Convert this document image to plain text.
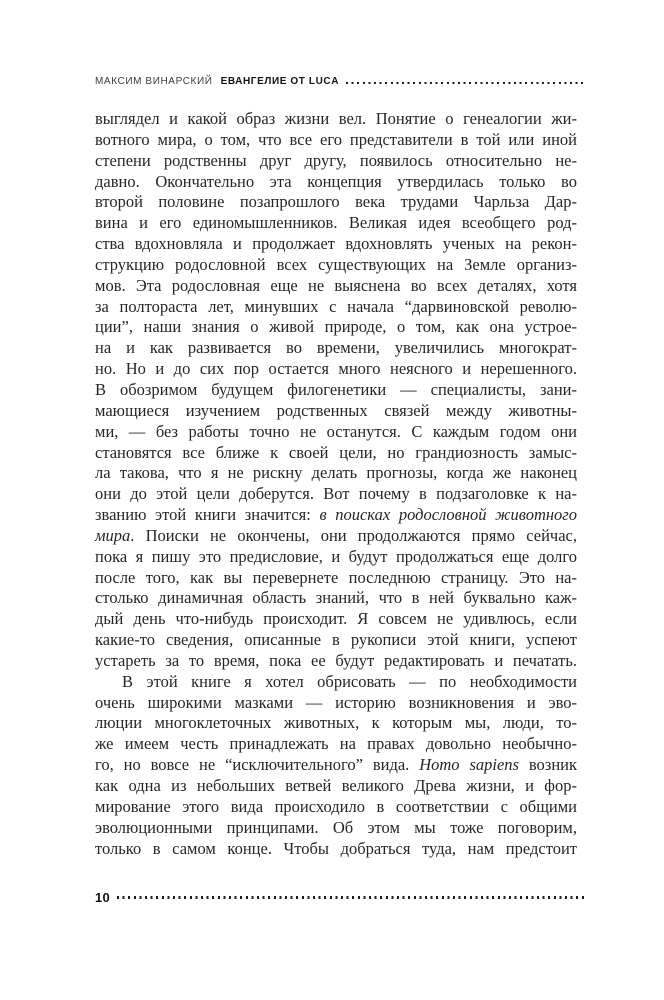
МАКСИМ ВИНАРСКИЙ ЕВАНГЕЛИЕ ОТ LUCA
выглядел и какой образ жизни вел. Понятие о генеалогии жи-
вотного мира, о том, что все его представители в той или иной
степени родственны друг другу, появилось относительно не-
давно. Окончательно эта концепция утвердилась только во
второй половине позапрошлого века трудами Чарльза Дар-
вина и его единомышленников. Великая идея всеобщего род-
ства вдохновляла и продолжает вдохновлять ученых на рекон-
струкцию родословной всех существующих на Земле организ-
мов. Эта родословная еще не выяснена во всех деталях, хотя
за полтораста лет, минувших с начала “дарвиновской револю-
ции”, наши знания о живой природе, о том, как она устрое-
на и как развивается во времени, увеличились многократ-
но. Но и до сих пор остается много неясного и нерешенного.
В обозримом будущем филогенетики — специалисты, зани-
мающиеся изучением родственных связей между животны-
ми, — без работы точно не останутся. С каждым годом они
становятся все ближе к своей цели, но грандиозность замыс-
ла такова, что я не рискну делать прогнозы, когда же наконец
они до этой цели доберутся. Вот почему в подзаголовке к на-
званию этой книги значится: в поисках родословной животного
мира. Поиски не окончены, они продолжаются прямо сейчас,
пока я пишу это предисловие, и будут продолжаться еще долго
после того, как вы перевернете последнюю страницу. Это на-
столько динамичная область знаний, что в ней буквально каж-
дый день что-нибудь происходит. Я совсем не удивлюсь, если
какие-то сведения, описанные в рукописи этой книги, успеют
устареть за то время, пока ее будут редактировать и печатать.
В этой книге я хотел обрисовать — по необходимости
очень широкими мазками — историю возникновения и эво-
люции многоклеточных животных, к которым мы, люди, то-
же имеем честь принадлежать на правах довольно необычно-
го, но вовсе не “исключительного” вида. Homo sapiens возник
как одна из небольших ветвей великого Древа жизни, и фор-
мирование этого вида происходило в соответствии с общими
эволюционными принципами. Об этом мы тоже поговорим,
только в самом конце. Чтобы добраться туда, нам предстоит
10
